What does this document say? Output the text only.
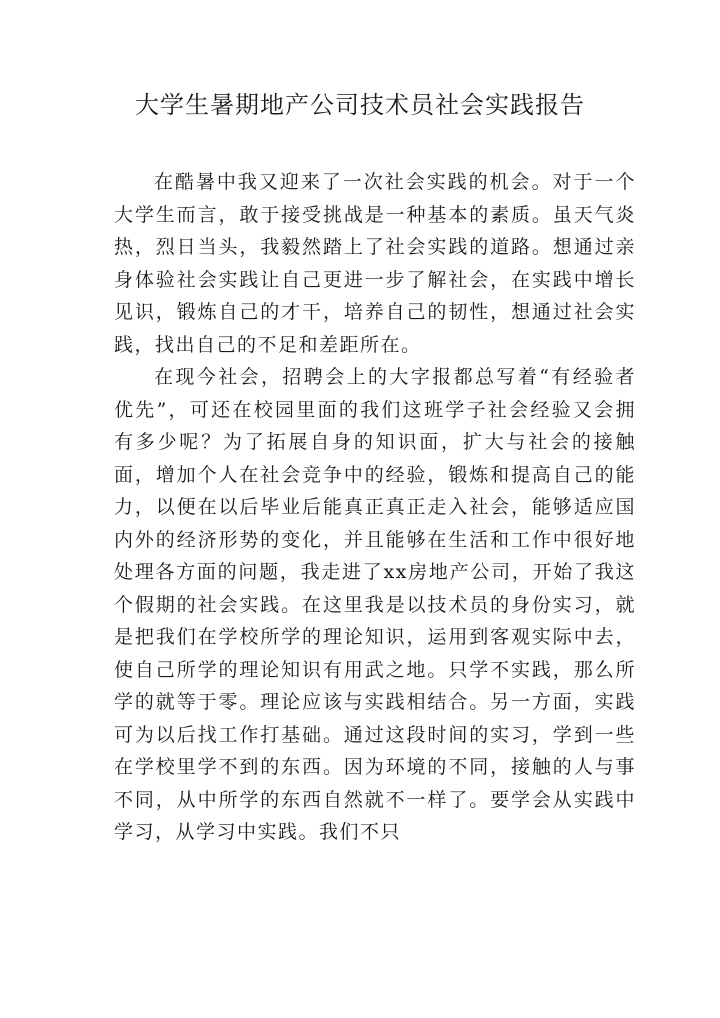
大学生暑期地产公司技术员社会实践报告

在酷暑中我又迎来了一次社会实践的机会。对于一个大学生而言，敢于接受挑战是一种基本的素质。虽天气炎热，烈日当头，我毅然踏上了社会实践的道路。想通过亲身体验社会实践让自己更进一步了解社会，在实践中增长见识，锻炼自己的才干，培养自己的韧性，想通过社会实践，找出自己的不足和差距所在。

在现今社会，招聘会上的大字报都总写着“有经验者优先”，可还在校园里面的我们这班学子社会经验又会拥有多少呢？为了拓展自身的知识面，扩大与社会的接触面，增加个人在社会竞争中的经验，锻炼和提高自己的能力，以便在以后毕业后能真正真正走入社会，能够适应国内外的经济形势的变化，并且能够在生活和工作中很好地处理各方面的问题，我走进了xx房地产公司，开始了我这个假期的社会实践。在这里我是以技术员的身份实习，就是把我们在学校所学的理论知识，运用到客观实际中去，使自己所学的理论知识有用武之地。只学不实践，那么所学的就等于零。理论应该与实践相结合。另一方面，实践可为以后找工作打基础。通过这段时间的实习，学到一些在学校里学不到的东西。因为环境的不同，接触的人与事不同，从中所学的东西自然就不一样了。要学会从实践中学习，从学习中实践。我们不只
